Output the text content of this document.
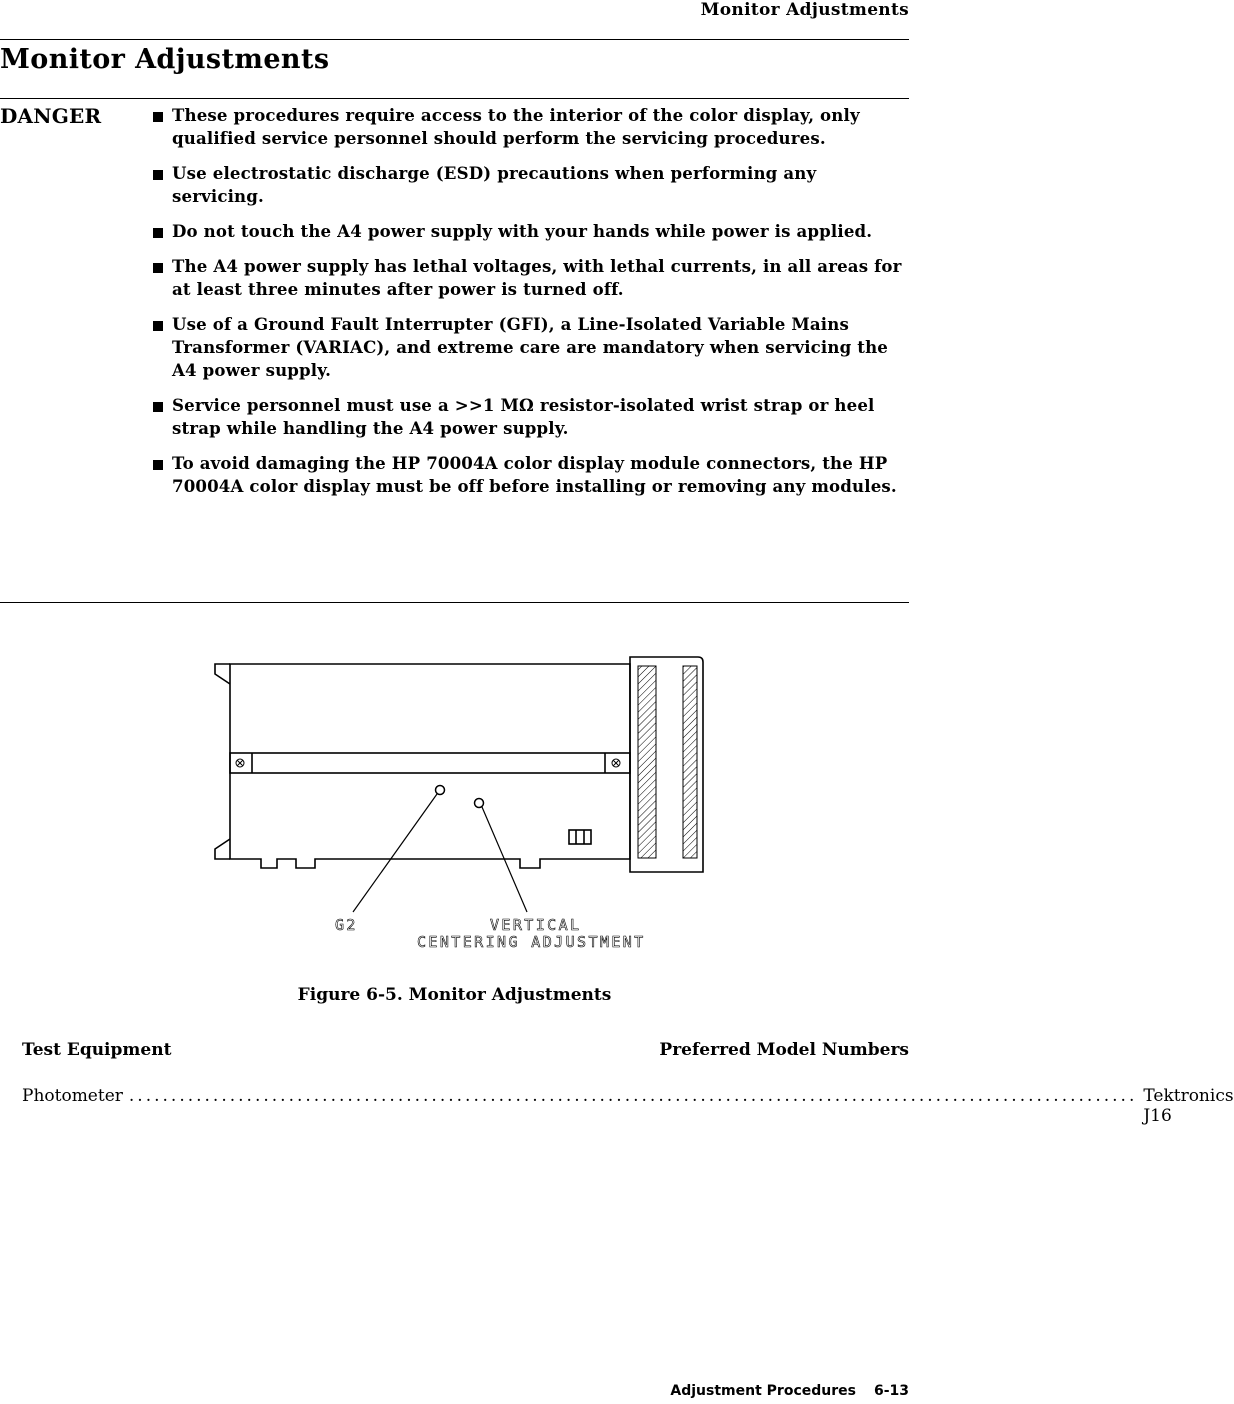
Monitor Adjustments
Monitor Adjustments
DANGER	These procedures require access to the interior of the color display, only qualified service personnel should perform the servicing procedures.
Use electrostatic discharge (ESD) precautions when performing any servicing.
Do not touch the A4 power supply with your hands while power is applied.
The A4 power supply has lethal voltages, with lethal currents, in all areas for at least three minutes after power is turned off.
Use of a Ground Fault Interrupter (GFI), a Line-Isolated Variable Mains Transformer (VARIAC), and extreme care are mandatory when servicing the A4 power supply.
Service personnel must use a >>1 MΩ resistor-isolated wrist strap or heel strap while handling the A4 power supply.
To avoid damaging the HP 70004A color display module connectors, the HP 70004A color display must be off before installing or removing any modules.
G2	VERTICAL
CENTERING ADJUSTMENT
Figure 6-5. Monitor Adjustments
Test Equipment	Preferred Model Numbers
Photometer ........................................................................................................................ Tektronics J16
Adjustment Procedures 6-13
